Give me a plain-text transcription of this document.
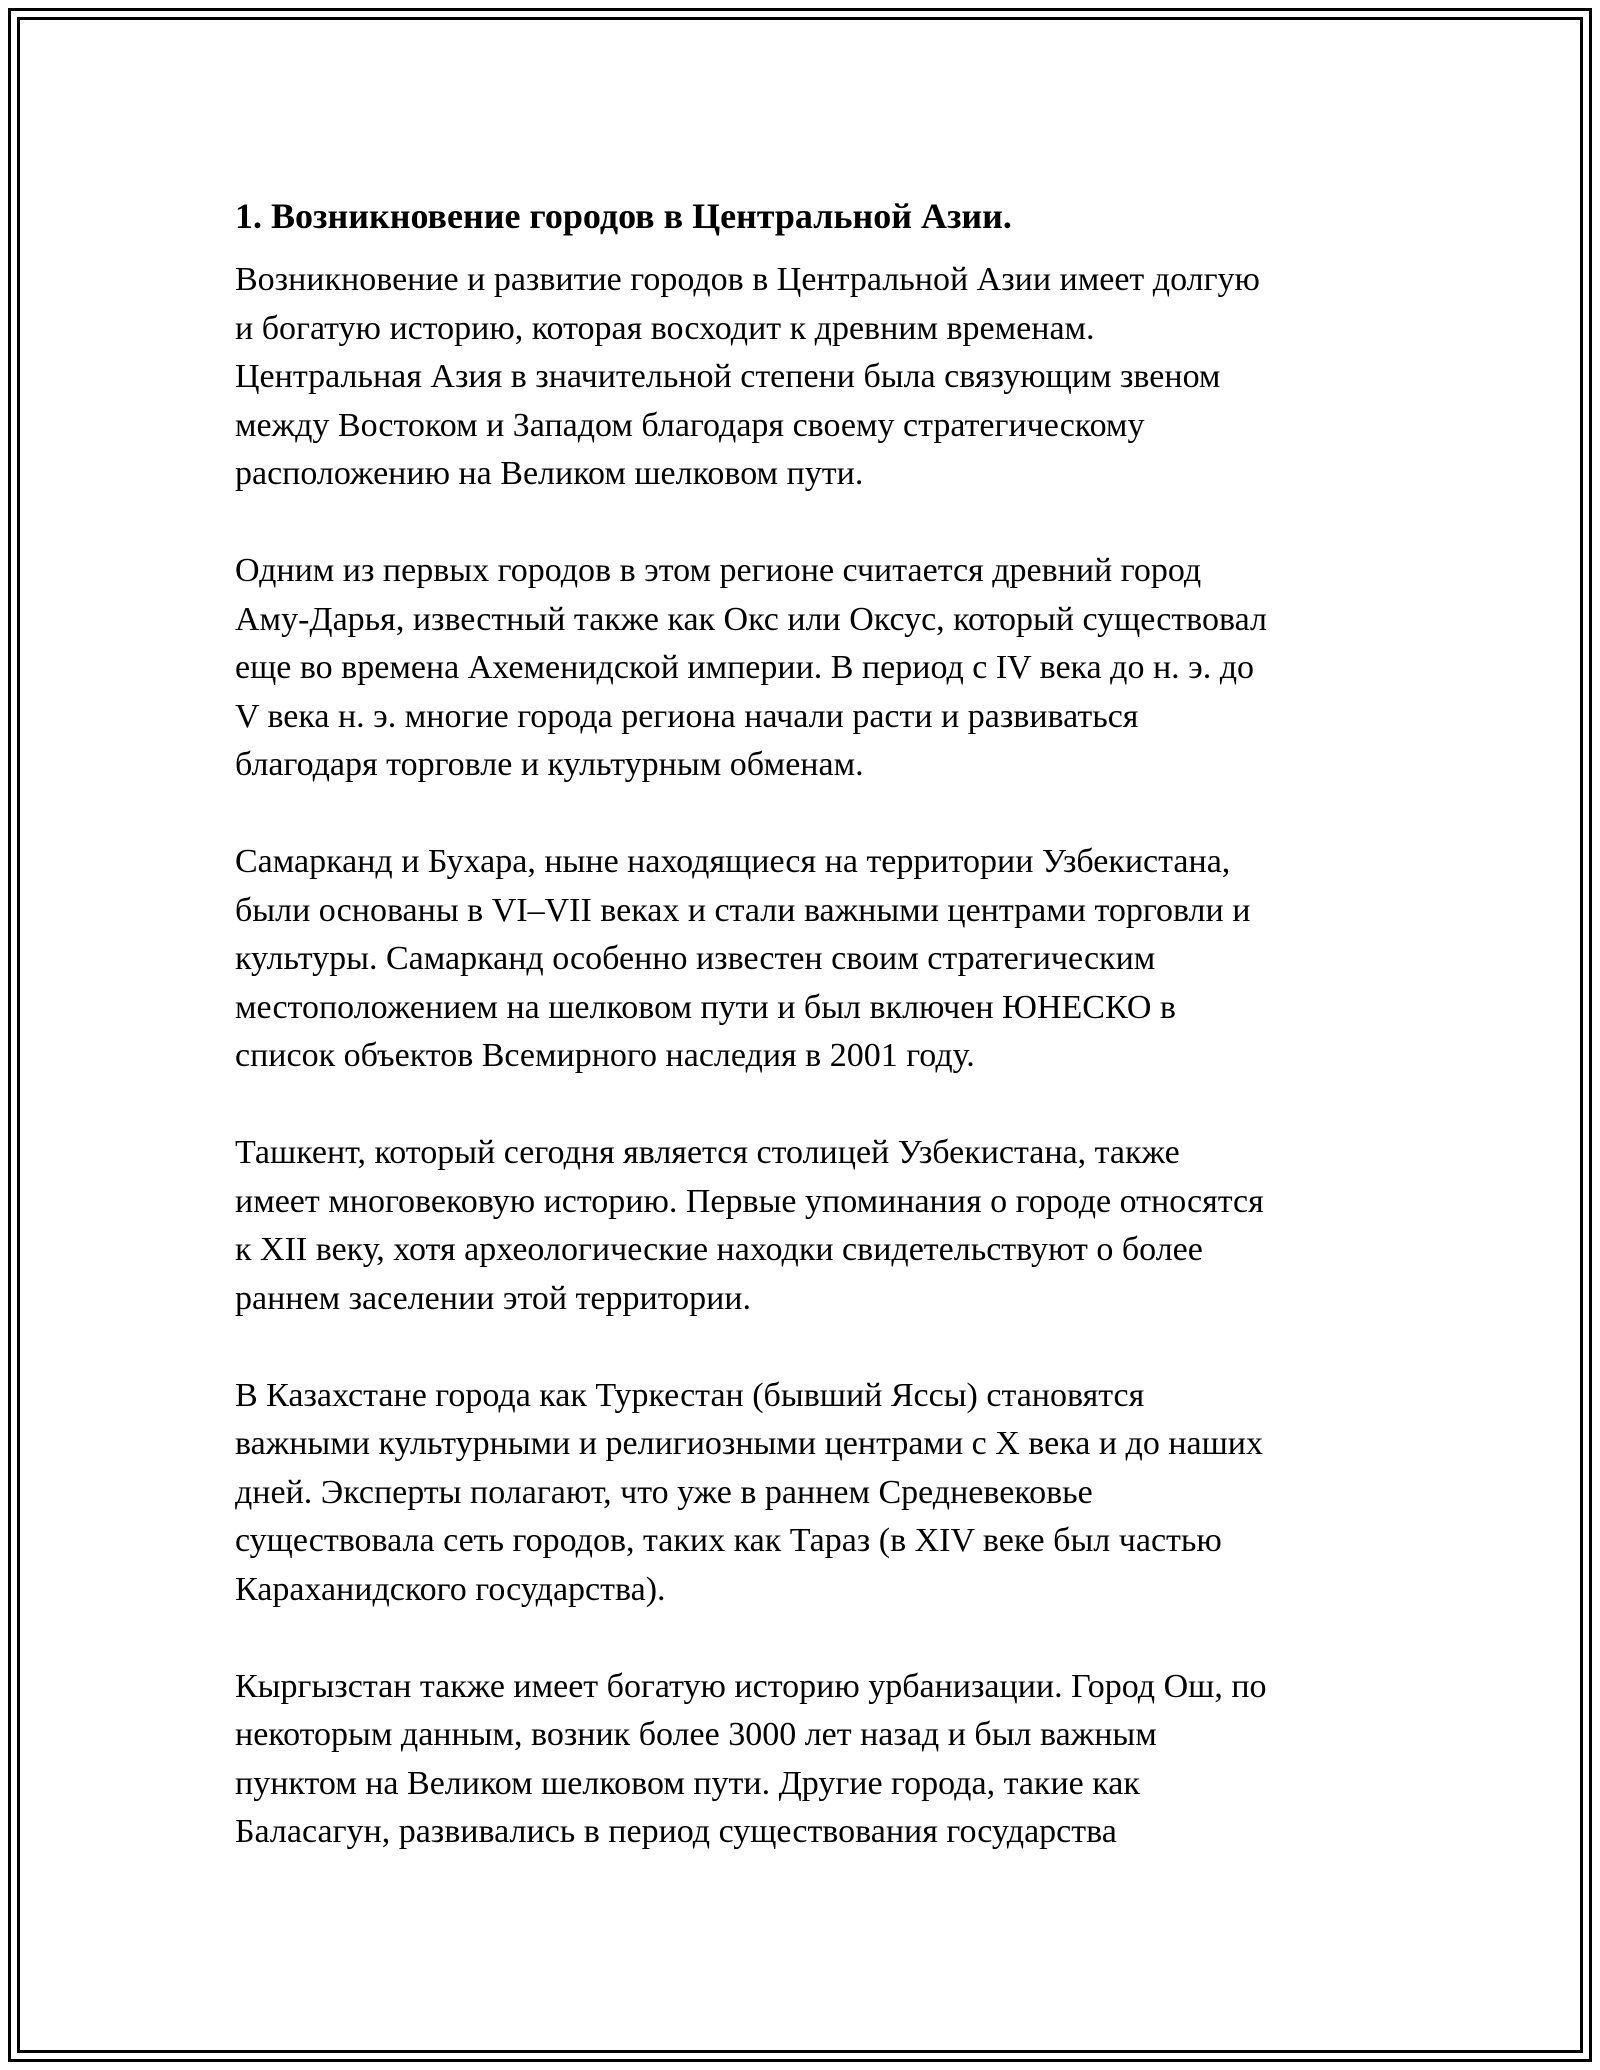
1. Возникновение городов в Центральной Азии.

Возникновение и развитие городов в Центральной Азии имеет долгую
и богатую историю, которая восходит к древним временам.
Центральная Азия в значительной степени была связующим звеном
между Востоком и Западом благодаря своему стратегическому
расположению на Великом шелковом пути.

Одним из первых городов в этом регионе считается древний город
Аму-Дарья, известный также как Окс или Оксус, который существовал
еще во времена Ахеменидской империи. В период с IV века до н. э. до
V века н. э. многие города региона начали расти и развиваться
благодаря торговле и культурным обменам.

Самарканд и Бухара, ныне находящиеся на территории Узбекистана,
были основаны в VI–VII веках и стали важными центрами торговли и
культуры. Самарканд особенно известен своим стратегическим
местоположением на шелковом пути и был включен ЮНЕСКО в
список объектов Всемирного наследия в 2001 году.

Ташкент, который сегодня является столицей Узбекистана, также
имеет многовековую историю. Первые упоминания о городе относятся
к XII веку, хотя археологические находки свидетельствуют о более
раннем заселении этой территории.

В Казахстане города как Туркестан (бывший Яссы) становятся
важными культурными и религиозными центрами с X века и до наших
дней. Эксперты полагают, что уже в раннем Средневековье
существовала сеть городов, таких как Тараз (в XIV веке был частью
Караханидского государства).

Кыргызстан также имеет богатую историю урбанизации. Город Ош, по
некоторым данным, возник более 3000 лет назад и был важным
пунктом на Великом шелковом пути. Другие города, такие как
Баласагун, развивались в период существования государства
